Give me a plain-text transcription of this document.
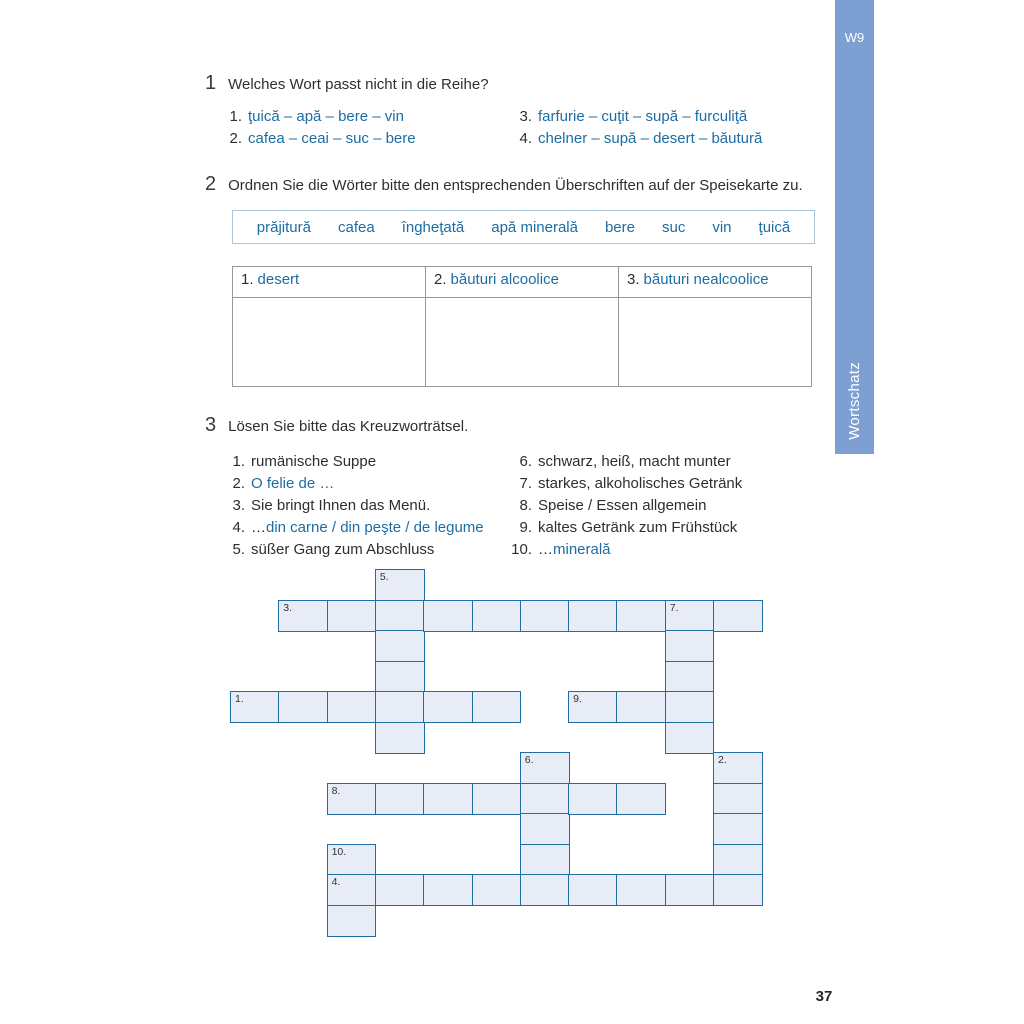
W9
Wortschatz
1 Welches Wort passt nicht in die Reihe?
1. ţuică – apă – bere – vin
2. cafea – ceai – suc – bere
3. farfurie – cuţit – supă – furculiţă
4. chelner – supă – desert – băutură
2 Ordnen Sie die Wörter bitte den entsprechenden Überschriften auf der Speisekarte zu.
prăjitură cafea îngheţată apă minerală bere suc vin ţuică
1. desert	2. băuturi alcoolice	3. băuturi nealcoolice
3 Lösen Sie bitte das Kreuzworträtsel.
1. rumänische Suppe
2. O felie de …
3. Sie bringt Ihnen das Menü.
4. … din carne / din peşte / de legume
5. süßer Gang zum Abschluss
6. schwarz, heiß, macht munter
7. starkes, alkoholisches Getränk
8. Speise / Essen allgemein
9. kaltes Getränk zum Frühstück
10. … minerală
5.
3.	7.
1.	9.
6.	2.
8.
10.
4.
37
